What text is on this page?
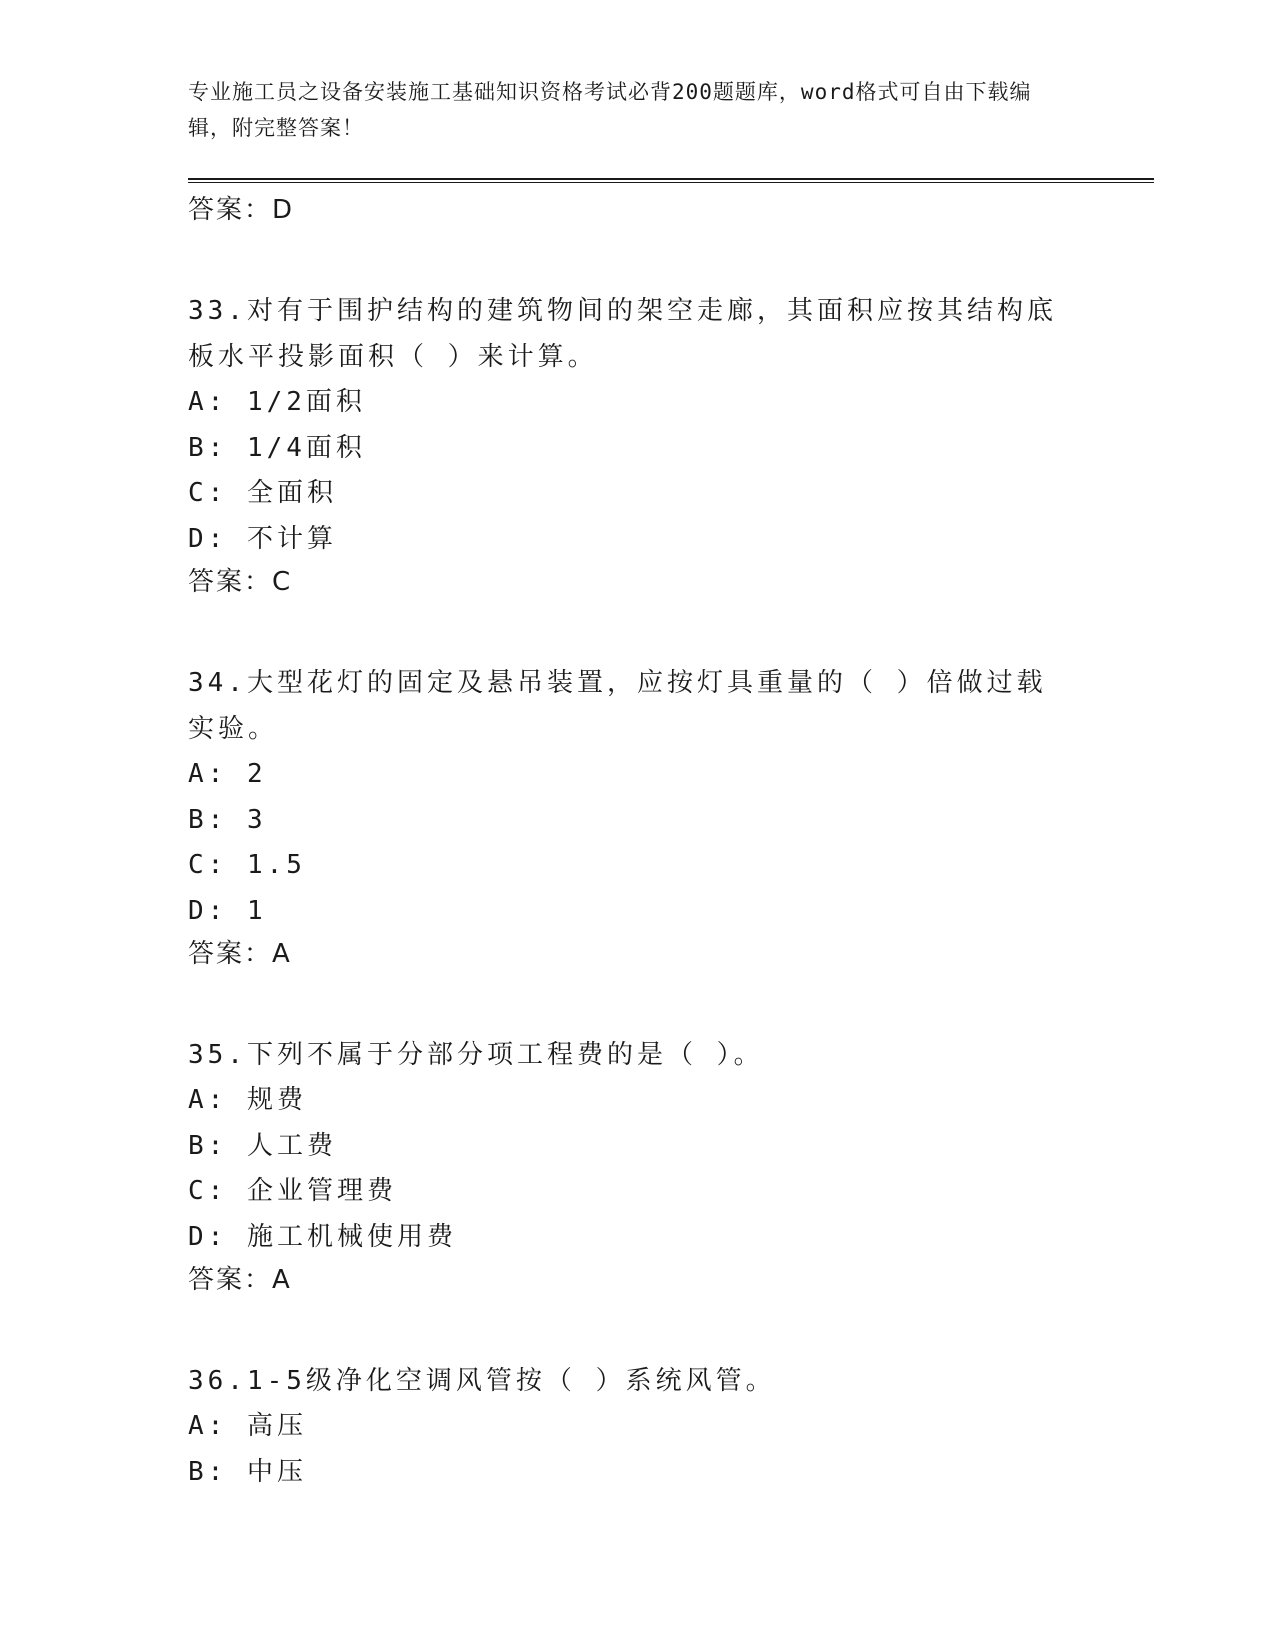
专业施工员之设备安装施工基础知识资格考试必背200题题库，word格式可自由下载编辑，附完整答案！
答案：D
33.对有于围护结构的建筑物间的架空走廊，其面积应按其结构底板水平投影面积（ ）来计算。
A: 1/2面积
B: 1/4面积
C: 全面积
D: 不计算
答案：C
34.大型花灯的固定及悬吊装置，应按灯具重量的（ ）倍做过载实验。
A: 2
B: 3
C: 1.5
D: 1
答案：A
35.下列不属于分部分项工程费的是（ ）。
A: 规费
B: 人工费
C: 企业管理费
D: 施工机械使用费
答案：A
36.1-5级净化空调风管按（ ）系统风管。
A: 高压
B: 中压
